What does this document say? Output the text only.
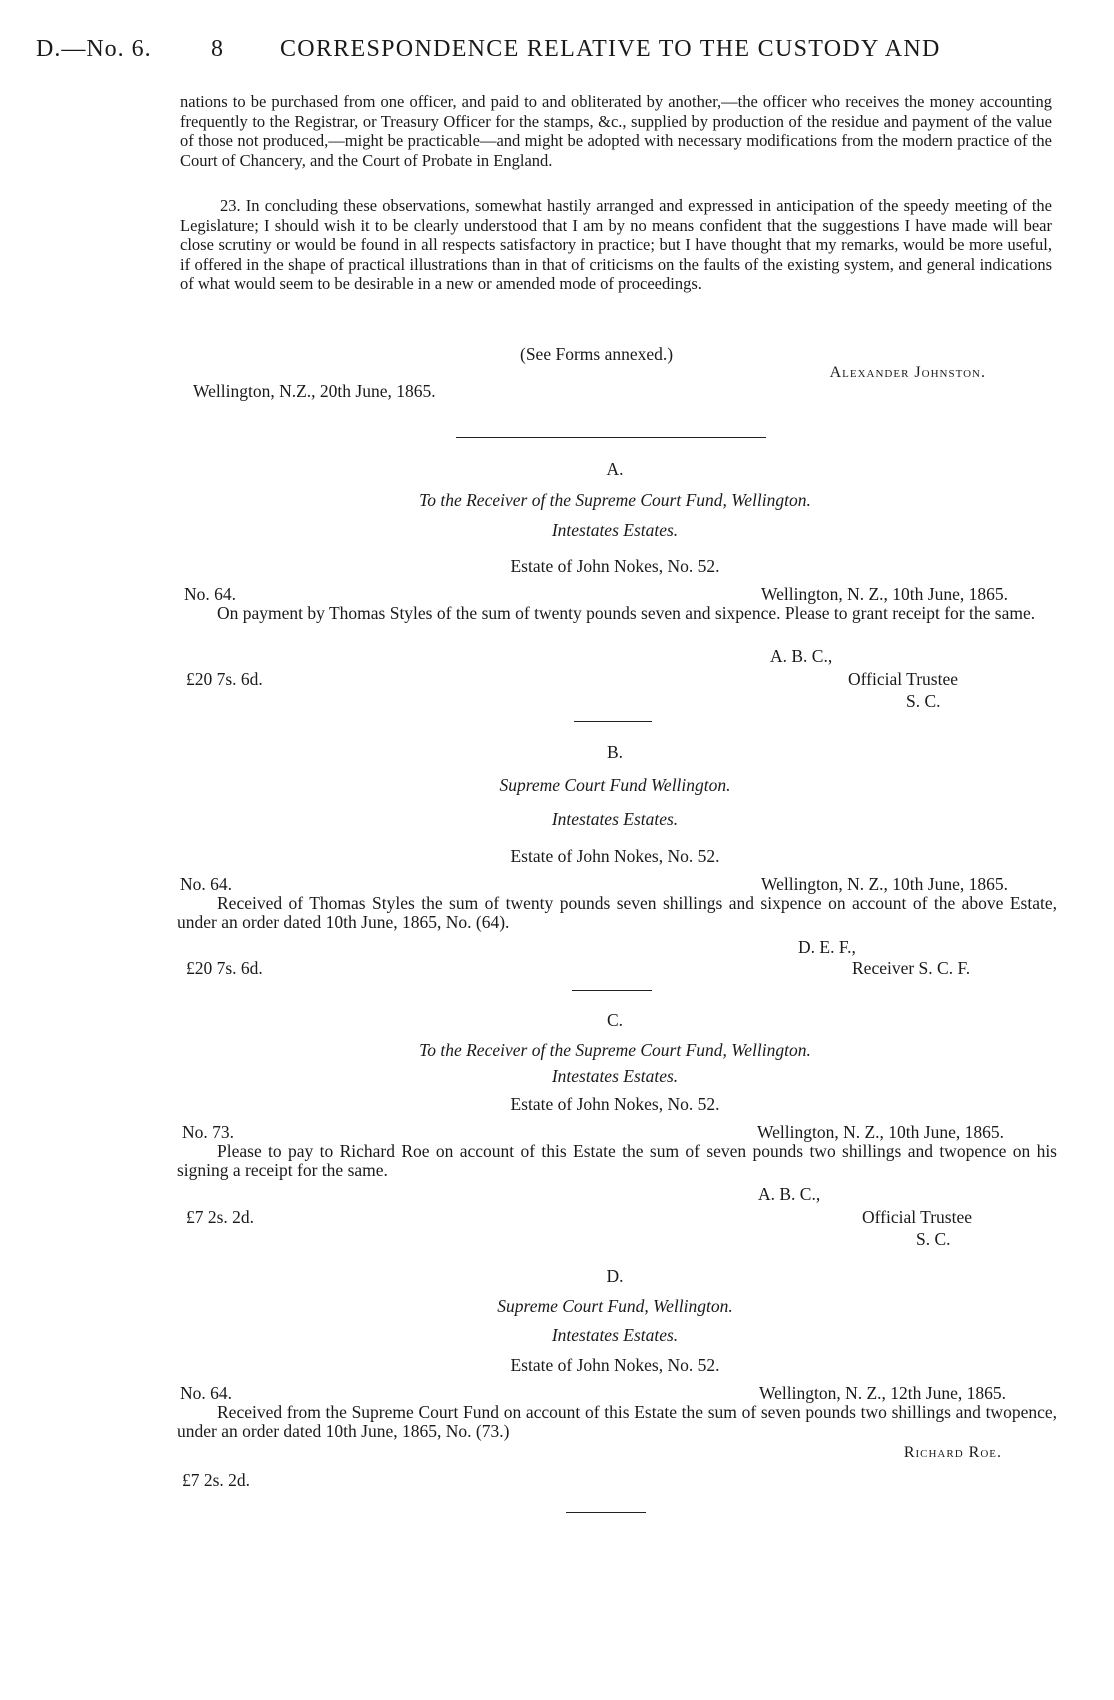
D.—No. 6. 8 CORRESPONDENCE RELATIVE TO THE CUSTODY AND
nations to be purchased from one officer, and paid to and obliterated by another,—the officer who receives the money accounting frequently to the Registrar, or Treasury Officer for the stamps, &c., supplied by production of the residue and payment of the value of those not produced,—might be practicable—and might be adopted with necessary modifications from the modern practice of the Court of Chancery, and the Court of Probate in England.
23. In concluding these observations, somewhat hastily arranged and expressed in anticipation of the speedy meeting of the Legislature; I should wish it to be clearly understood that I am by no means confident that the suggestions I have made will bear close scrutiny or would be found in all respects satisfactory in practice; but I have thought that my remarks, would be more useful, if offered in the shape of practical illustrations than in that of criticisms on the faults of the existing system, and general indications of what would seem to be desirable in a new or amended mode of proceedings.
(See Forms annexed.)
Alexander Johnston.
Wellington, N.Z., 20th June, 1865.
A.
To the Receiver of the Supreme Court Fund, Wellington.
Intestates Estates.
Estate of John Nokes, No. 52.
No. 64.	Wellington, N. Z., 10th June, 1865.
On payment by Thomas Styles of the sum of twenty pounds seven and sixpence. Please to grant receipt for the same.
A. B. C.,
Official Trustee
£20 7s. 6d.
S. C.
B.
Supreme Court Fund Wellington.
Intestates Estates.
Estate of John Nokes, No. 52.
No. 64.	Wellington, N. Z., 10th June, 1865.
Received of Thomas Styles the sum of twenty pounds seven shillings and sixpence on account of the above Estate, under an order dated 10th June, 1865, No. (64).
D. E. F.,
£20 7s. 6d.	Receiver S. C. F.
C.
To the Receiver of the Supreme Court Fund, Wellington.
Intestates Estates.
Estate of John Nokes, No. 52.
No. 73.	Wellington, N. Z., 10th June, 1865.
Please to pay to Richard Roe on account of this Estate the sum of seven pounds two shillings and twopence on his signing a receipt for the same.
A. B. C.,
£7 2s. 2d.	Official Trustee
S. C.
D.
Supreme Court Fund, Wellington.
Intestates Estates.
Estate of John Nokes, No. 52.
No. 64.	Wellington, N. Z., 12th June, 1865.
Received from the Supreme Court Fund on account of this Estate the sum of seven pounds two shillings and twopence, under an order dated 10th June, 1865, No. (73.)
Richard Roe.
£7 2s. 2d.
